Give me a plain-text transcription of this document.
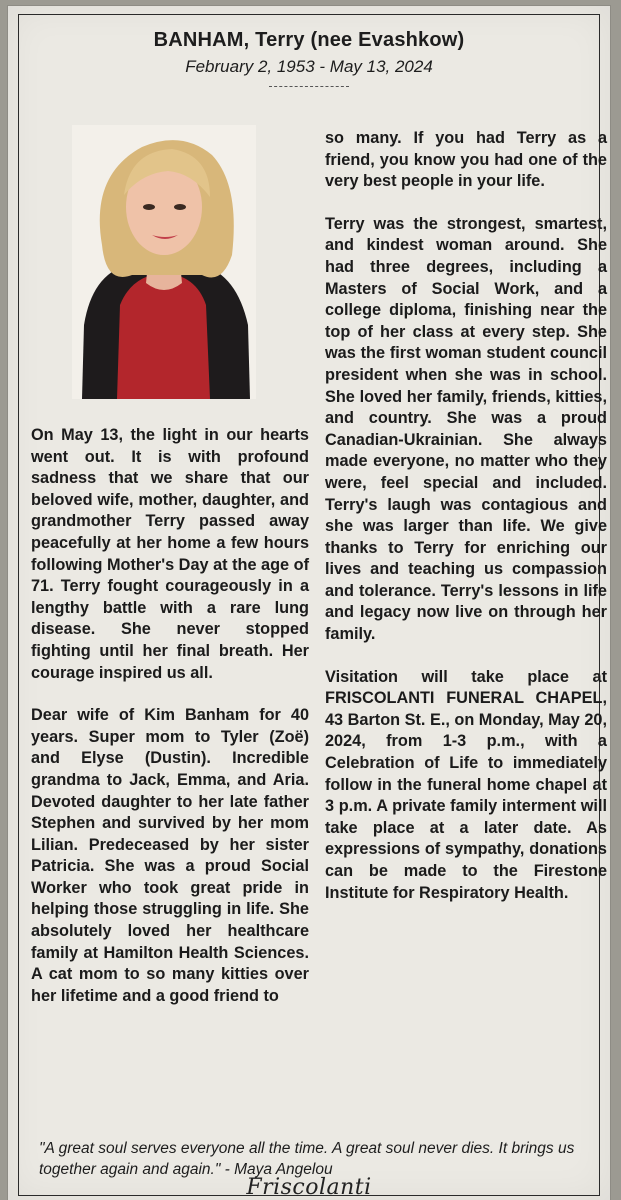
BANHAM, Terry (nee Evashkow)
February 2, 1953 - May 13, 2024

On May 13, the light in our hearts went out. It is with profound sadness that we share that our beloved wife, mother, daughter, and grandmother Terry passed away peacefully at her home a few hours following Mother's Day at the age of 71. Terry fought courageously in a lengthy battle with a rare lung disease. She never stopped fighting until her final breath. Her courage inspired us all.

Dear wife of Kim Banham for 40 years. Super mom to Tyler (Zoë) and Elyse (Dustin). Incredible grandma to Jack, Emma, and Aria. Devoted daughter to her late father Stephen and survived by her mom Lilian. Predeceased by her sister Patricia. She was a proud Social Worker who took great pride in helping those struggling in life. She absolutely loved her healthcare family at Hamilton Health Sciences. A cat mom to so many kitties over her lifetime and a good friend to

so many. If you had Terry as a friend, you know you had one of the very best people in your life.

Terry was the strongest, smartest, and kindest woman around. She had three degrees, including a Masters of Social Work, and a college diploma, finishing near the top of her class at every step. She was the first woman student council president when she was in school. She loved her family, friends, kitties, and country. She was a proud Canadian-Ukrainian. She always made everyone, no matter who they were, feel special and included. Terry's laugh was contagious and she was larger than life. We give thanks to Terry for enriching our lives and teaching us compassion and tolerance. Terry's lessons in life and legacy now live on through her family.

Visitation will take place at FRISCOLANTI FUNERAL CHAPEL, 43 Barton St. E., on Monday, May 20, 2024, from 1-3 p.m., with a Celebration of Life to immediately follow in the funeral home chapel at 3 p.m. A private family interment will take place at a later date. As expressions of sympathy, donations can be made to the Firestone Institute for Respiratory Health.

"A great soul serves everyone all the time. A great soul never dies. It brings us together again and again." - Maya Angelou
Friscolanti
